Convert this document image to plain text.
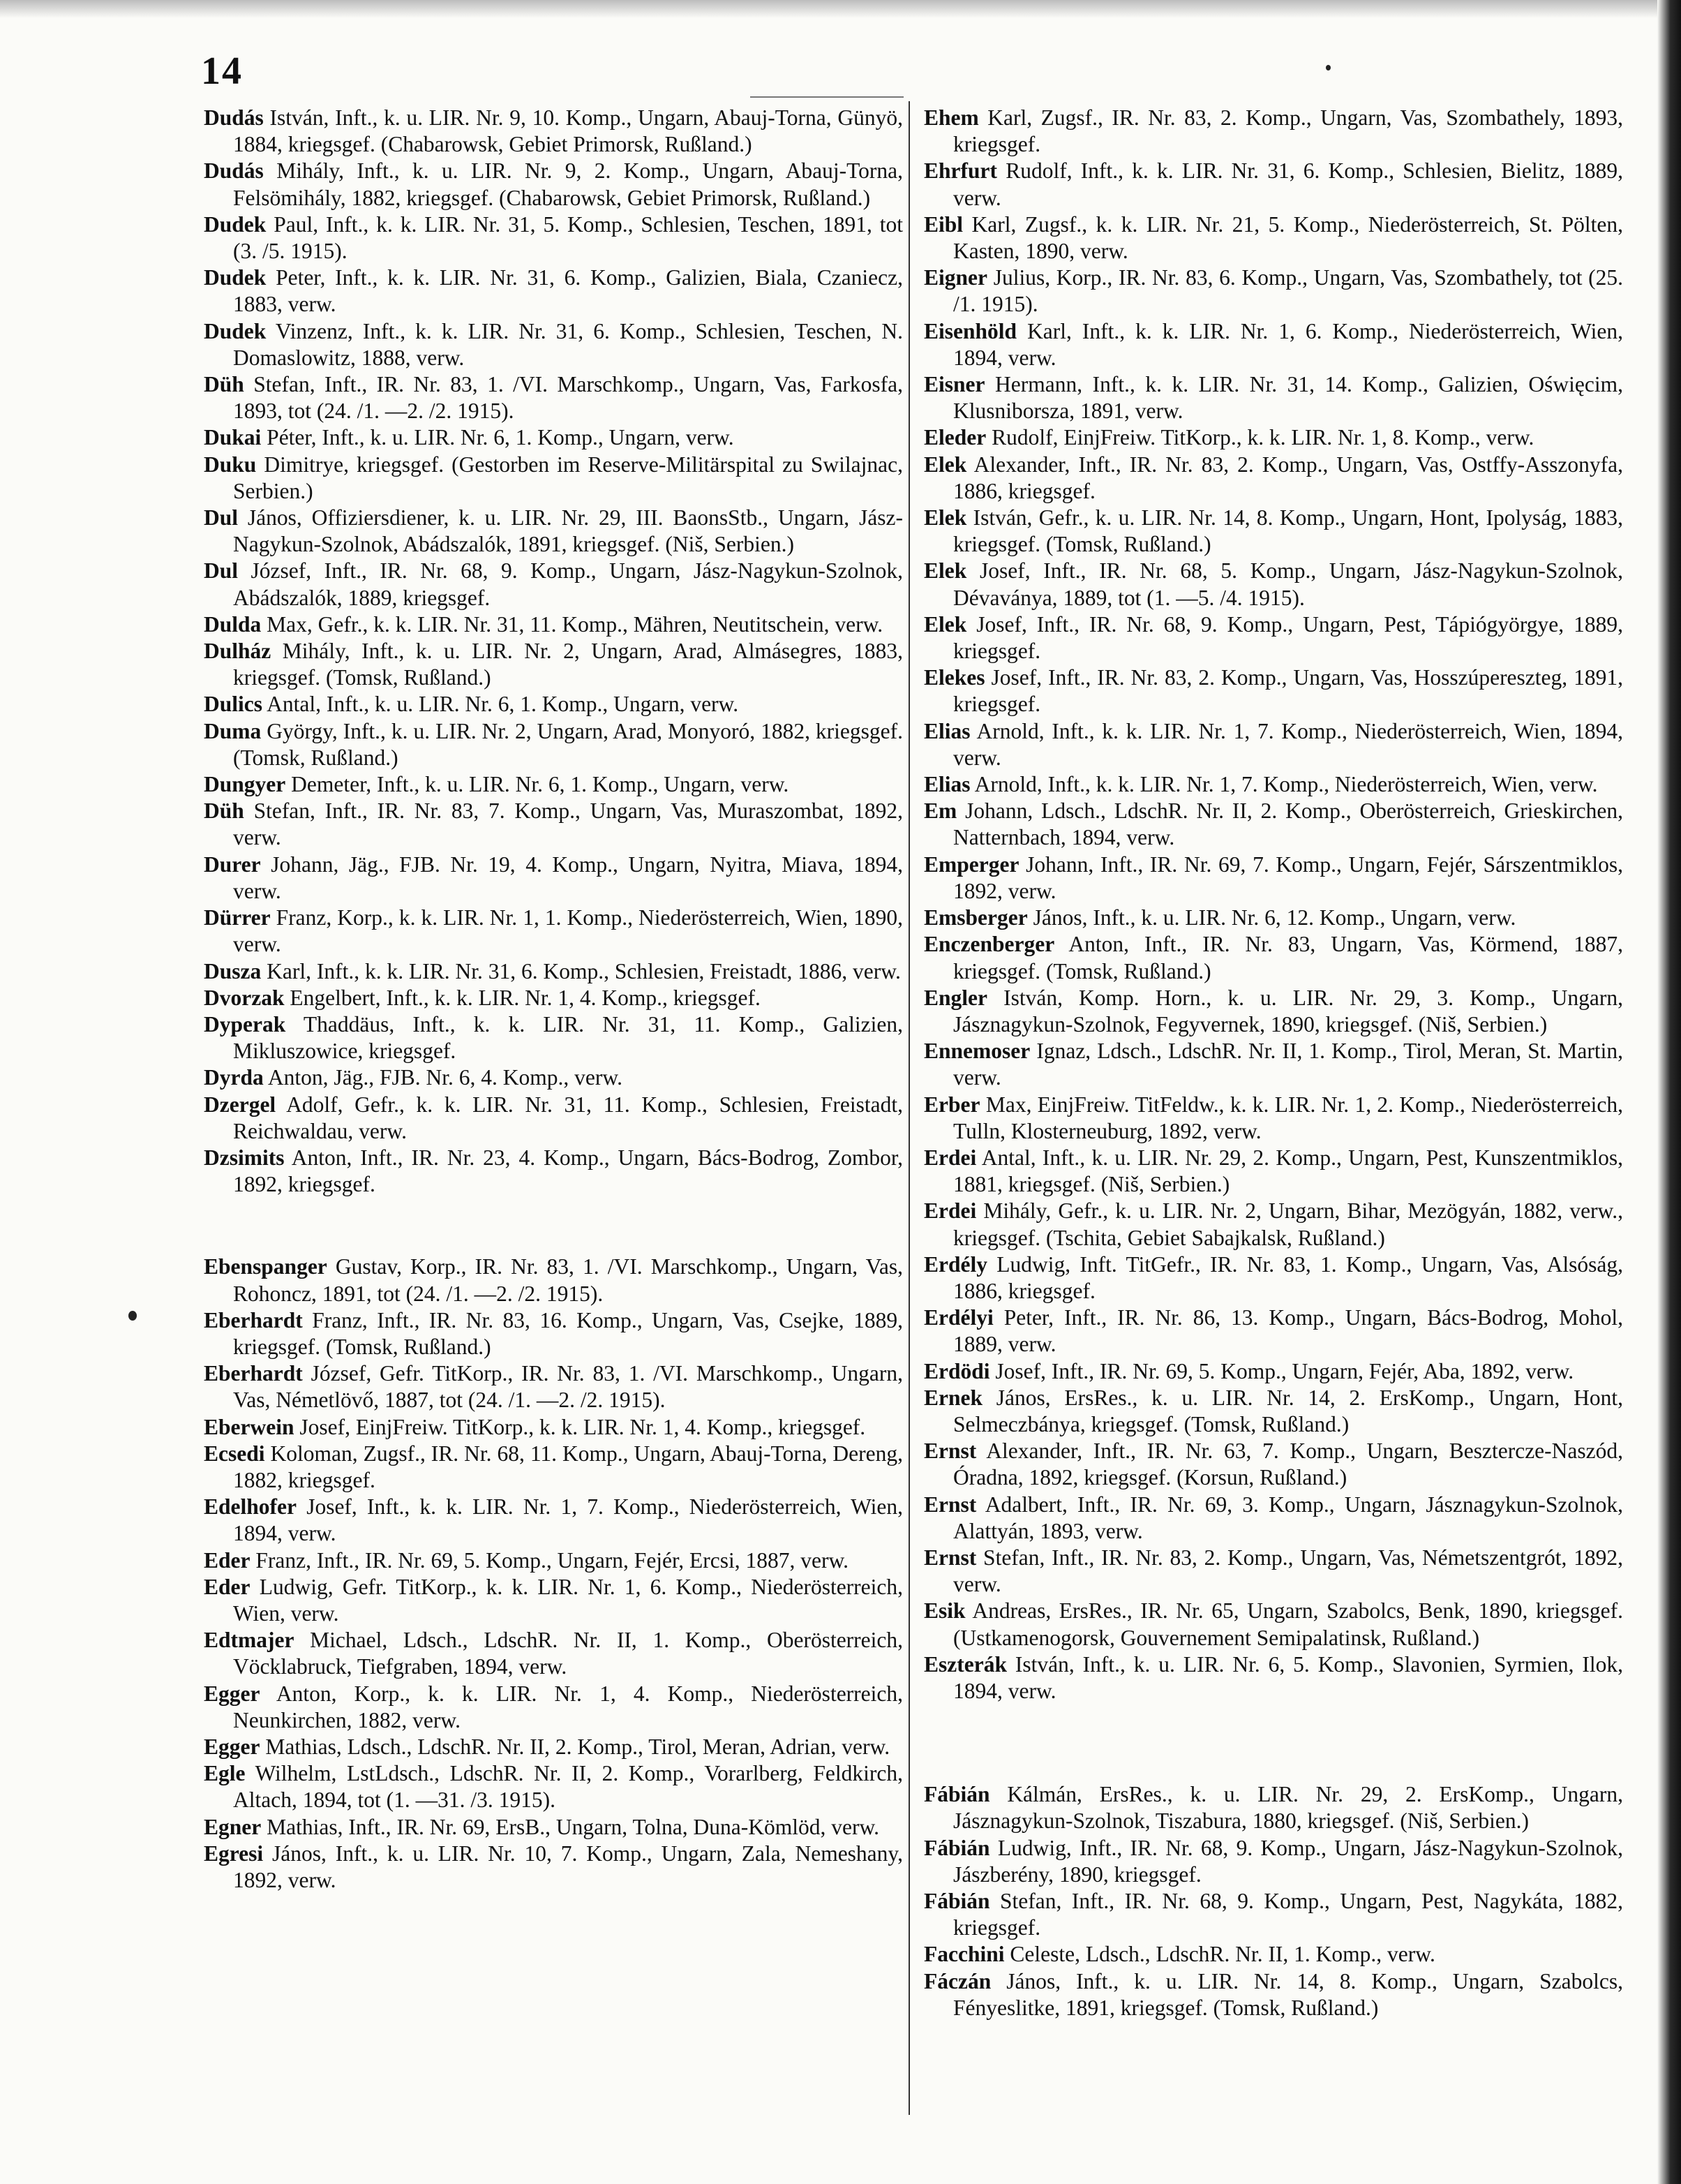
14

Dudás István, Inft., k. u. LIR. Nr. 9, 10. Komp., Ungarn, Abauj-Torna, Günyö, 1884, kriegsgef. (Chabarowsk, Gebiet Primorsk, Rußland.)

Dudás Mihály, Inft., k. u. LIR. Nr. 9, 2. Komp., Ungarn, Abauj-Torna, Felsömihály, 1882, kriegsgef. (Chabarowsk, Gebiet Primorsk, Rußland.)

Dudek Paul, Inft., k. k. LIR. Nr. 31, 5. Komp., Schlesien, Teschen, 1891, tot (3. /5. 1915).

Dudek Peter, Inft., k. k. LIR. Nr. 31, 6. Komp., Galizien, Biala, Czaniecz, 1883, verw.

Dudek Vinzenz, Inft., k. k. LIR. Nr. 31, 6. Komp., Schlesien, Teschen, N. Domaslowitz, 1888, verw.

Düh Stefan, Inft., IR. Nr. 83, 1. /VI. Marschkomp., Ungarn, Vas, Farkosfa, 1893, tot (24. /1. —2. /2. 1915).

Dukai Péter, Inft., k. u. LIR. Nr. 6, 1. Komp., Ungarn, verw.

Duku Dimitrye, kriegsgef. (Gestorben im Reserve-Militärspital zu Swilajnac, Serbien.)

Dul János, Offiziersdiener, k. u. LIR. Nr. 29, III. BaonsStb., Ungarn, Jász-Nagykun-Szolnok, Abádszalók, 1891, kriegsgef. (Niš, Serbien.)

Dul József, Inft., IR. Nr. 68, 9. Komp., Ungarn, Jász-Nagykun-Szolnok, Abádszalók, 1889, kriegsgef.

Dulda Max, Gefr., k. k. LIR. Nr. 31, 11. Komp., Mähren, Neutitschein, verw.

Dulház Mihály, Inft., k. u. LIR. Nr. 2, Ungarn, Arad, Almásegres, 1883, kriegsgef. (Tomsk, Rußland.)

Dulics Antal, Inft., k. u. LIR. Nr. 6, 1. Komp., Ungarn, verw.

Duma György, Inft., k. u. LIR. Nr. 2, Ungarn, Arad, Monyoró, 1882, kriegsgef. (Tomsk, Rußland.)

Dungyer Demeter, Inft., k. u. LIR. Nr. 6, 1. Komp., Ungarn, verw.

Düh Stefan, Inft., IR. Nr. 83, 7. Komp., Ungarn, Vas, Muraszombat, 1892, verw.

Durer Johann, Jäg., FJB. Nr. 19, 4. Komp., Ungarn, Nyitra, Miava, 1894, verw.

Dürrer Franz, Korp., k. k. LIR. Nr. 1, 1. Komp., Niederösterreich, Wien, 1890, verw.

Dusza Karl, Inft., k. k. LIR. Nr. 31, 6. Komp., Schlesien, Freistadt, 1886, verw.

Dvorzak Engelbert, Inft., k. k. LIR. Nr. 1, 4. Komp., kriegsgef.

Dyperak Thaddäus, Inft., k. k. LIR. Nr. 31, 11. Komp., Galizien, Mikluszowice, kriegsgef.

Dyrda Anton, Jäg., FJB. Nr. 6, 4. Komp., verw.

Dzergel Adolf, Gefr., k. k. LIR. Nr. 31, 11. Komp., Schlesien, Freistadt, Reichwaldau, verw.

Dzsimits Anton, Inft., IR. Nr. 23, 4. Komp., Ungarn, Bács-Bodrog, Zombor, 1892, kriegsgef.

Ebenspanger Gustav, Korp., IR. Nr. 83, 1. /VI. Marschkomp., Ungarn, Vas, Rohoncz, 1891, tot (24. /1. —2. /2. 1915).

Eberhardt Franz, Inft., IR. Nr. 83, 16. Komp., Ungarn, Vas, Csejke, 1889, kriegsgef. (Tomsk, Rußland.)

Eberhardt József, Gefr. TitKorp., IR. Nr. 83, 1. /VI. Marschkomp., Ungarn, Vas, Németlövő, 1887, tot (24. /1. —2. /2. 1915).

Eberwein Josef, EinjFreiw. TitKorp., k. k. LIR. Nr. 1, 4. Komp., kriegsgef.

Ecsedi Koloman, Zugsf., IR. Nr. 68, 11. Komp., Ungarn, Abauj-Torna, Dereng, 1882, kriegsgef.

Edelhofer Josef, Inft., k. k. LIR. Nr. 1, 7. Komp., Niederösterreich, Wien, 1894, verw.

Eder Franz, Inft., IR. Nr. 69, 5. Komp., Ungarn, Fejér, Ercsi, 1887, verw.

Eder Ludwig, Gefr. TitKorp., k. k. LIR. Nr. 1, 6. Komp., Niederösterreich, Wien, verw.

Edtmajer Michael, Ldsch., LdschR. Nr. II, 1. Komp., Oberösterreich, Vöcklabruck, Tiefgraben, 1894, verw.

Egger Anton, Korp., k. k. LIR. Nr. 1, 4. Komp., Niederösterreich, Neunkirchen, 1882, verw.

Egger Mathias, Ldsch., LdschR. Nr. II, 2. Komp., Tirol, Meran, Adrian, verw.

Egle Wilhelm, LstLdsch., LdschR. Nr. II, 2. Komp., Vorarlberg, Feldkirch, Altach, 1894, tot (1. —31. /3. 1915).

Egner Mathias, Inft., IR. Nr. 69, ErsB., Ungarn, Tolna, Duna-Kömlöd, verw.

Egresi János, Inft., k. u. LIR. Nr. 10, 7. Komp., Ungarn, Zala, Nemeshany, 1892, verw.

Ehem Karl, Zugsf., IR. Nr. 83, 2. Komp., Ungarn, Vas, Szombathely, 1893, kriegsgef.

Ehrfurt Rudolf, Inft., k. k. LIR. Nr. 31, 6. Komp., Schlesien, Bielitz, 1889, verw.

Eibl Karl, Zugsf., k. k. LIR. Nr. 21, 5. Komp., Niederösterreich, St. Pölten, Kasten, 1890, verw.

Eigner Julius, Korp., IR. Nr. 83, 6. Komp., Ungarn, Vas, Szombathely, tot (25. /1. 1915).

Eisenhöld Karl, Inft., k. k. LIR. Nr. 1, 6. Komp., Niederösterreich, Wien, 1894, verw.

Eisner Hermann, Inft., k. k. LIR. Nr. 31, 14. Komp., Galizien, Oświęcim, Klusniborsza, 1891, verw.

Eleder Rudolf, EinjFreiw. TitKorp., k. k. LIR. Nr. 1, 8. Komp., verw.

Elek Alexander, Inft., IR. Nr. 83, 2. Komp., Ungarn, Vas, Ostffy-Asszonyfa, 1886, kriegsgef.

Elek István, Gefr., k. u. LIR. Nr. 14, 8. Komp., Ungarn, Hont, Ipolyság, 1883, kriegsgef. (Tomsk, Rußland.)

Elek Josef, Inft., IR. Nr. 68, 5. Komp., Ungarn, Jász-Nagykun-Szolnok, Dévaványa, 1889, tot (1. —5. /4. 1915).

Elek Josef, Inft., IR. Nr. 68, 9. Komp., Ungarn, Pest, Tápiógyörgye, 1889, kriegsgef.

Elekes Josef, Inft., IR. Nr. 83, 2. Komp., Ungarn, Vas, Hosszúpereszteg, 1891, kriegsgef.

Elias Arnold, Inft., k. k. LIR. Nr. 1, 7. Komp., Niederösterreich, Wien, 1894, verw.

Elias Arnold, Inft., k. k. LIR. Nr. 1, 7. Komp., Niederösterreich, Wien, verw.

Em Johann, Ldsch., LdschR. Nr. II, 2. Komp., Oberösterreich, Grieskirchen, Natternbach, 1894, verw.

Emperger Johann, Inft., IR. Nr. 69, 7. Komp., Ungarn, Fejér, Sárszentmiklos, 1892, verw.

Emsberger János, Inft., k. u. LIR. Nr. 6, 12. Komp., Ungarn, verw.

Enczenberger Anton, Inft., IR. Nr. 83, Ungarn, Vas, Körmend, 1887, kriegsgef. (Tomsk, Rußland.)

Engler István, Komp. Horn., k. u. LIR. Nr. 29, 3. Komp., Ungarn, Jásznagykun-Szolnok, Fegyvernek, 1890, kriegsgef. (Niš, Serbien.)

Ennemoser Ignaz, Ldsch., LdschR. Nr. II, 1. Komp., Tirol, Meran, St. Martin, verw.

Erber Max, EinjFreiw. TitFeldw., k. k. LIR. Nr. 1, 2. Komp., Niederösterreich, Tulln, Klosterneuburg, 1892, verw.

Erdei Antal, Inft., k. u. LIR. Nr. 29, 2. Komp., Ungarn, Pest, Kunszentmiklos, 1881, kriegsgef. (Niš, Serbien.)

Erdei Mihály, Gefr., k. u. LIR. Nr. 2, Ungarn, Bihar, Mezögyán, 1882, verw., kriegsgef. (Tschita, Gebiet Sabajkalsk, Rußland.)

Erdély Ludwig, Inft. TitGefr., IR. Nr. 83, 1. Komp., Ungarn, Vas, Alsóság, 1886, kriegsgef.

Erdélyi Peter, Inft., IR. Nr. 86, 13. Komp., Ungarn, Bács-Bodrog, Mohol, 1889, verw.

Erdödi Josef, Inft., IR. Nr. 69, 5. Komp., Ungarn, Fejér, Aba, 1892, verw.

Ernek János, ErsRes., k. u. LIR. Nr. 14, 2. ErsKomp., Ungarn, Hont, Selmeczbánya, kriegsgef. (Tomsk, Rußland.)

Ernst Alexander, Inft., IR. Nr. 63, 7. Komp., Ungarn, Besztercze-Naszód, Óradna, 1892, kriegsgef. (Korsun, Rußland.)

Ernst Adalbert, Inft., IR. Nr. 69, 3. Komp., Ungarn, Jásznagykun-Szolnok, Alattyán, 1893, verw.

Ernst Stefan, Inft., IR. Nr. 83, 2. Komp., Ungarn, Vas, Németszentgrót, 1892, verw.

Esik Andreas, ErsRes., IR. Nr. 65, Ungarn, Szabolcs, Benk, 1890, kriegsgef. (Ustkamenogorsk, Gouvernement Semipalatinsk, Rußland.)

Eszterák István, Inft., k. u. LIR. Nr. 6, 5. Komp., Slavonien, Syrmien, Ilok, 1894, verw.

Fábián Kálmán, ErsRes., k. u. LIR. Nr. 29, 2. ErsKomp., Ungarn, Jásznagykun-Szolnok, Tiszabura, 1880, kriegsgef. (Niš, Serbien.)

Fábián Ludwig, Inft., IR. Nr. 68, 9. Komp., Ungarn, Jász-Nagykun-Szolnok, Jászberény, 1890, kriegsgef.

Fábián Stefan, Inft., IR. Nr. 68, 9. Komp., Ungarn, Pest, Nagykáta, 1882, kriegsgef.

Facchini Celeste, Ldsch., LdschR. Nr. II, 1. Komp., verw.

Fáczán János, Inft., k. u. LIR. Nr. 14, 8. Komp., Ungarn, Szabolcs, Fényeslitke, 1891, kriegsgef. (Tomsk, Rußland.)
